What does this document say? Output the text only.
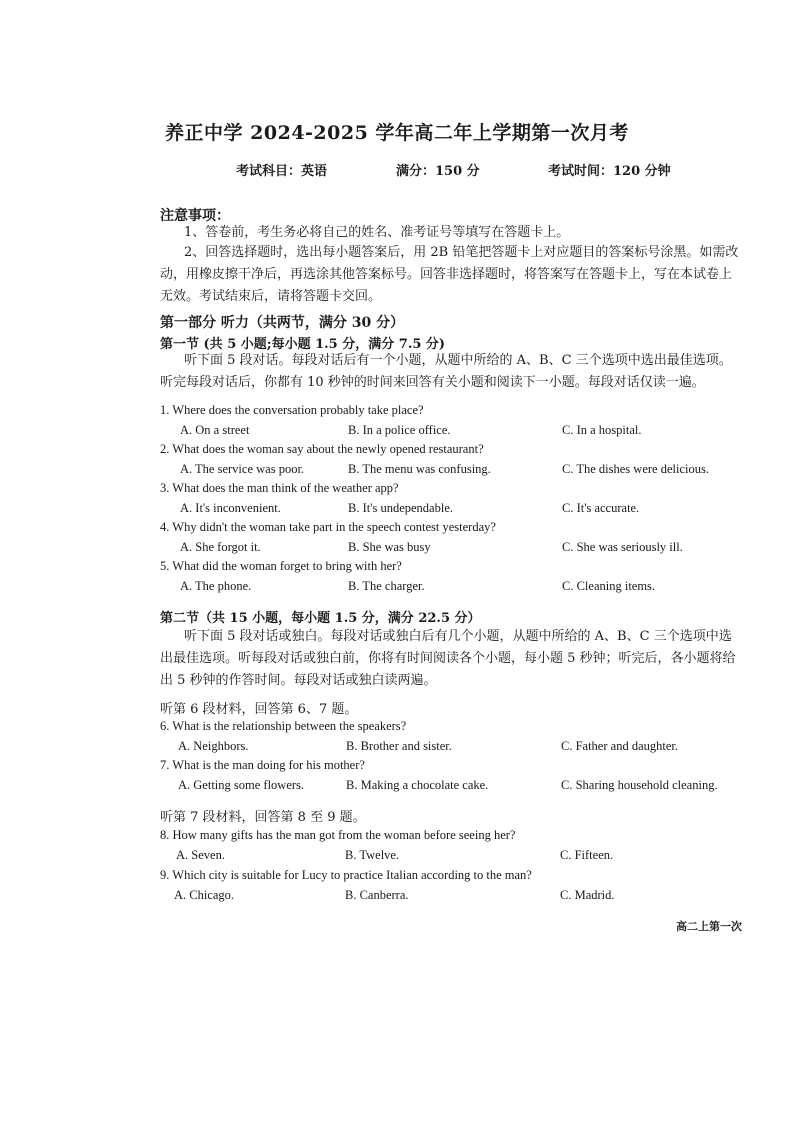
养正中学 2024-2025 学年高二年上学期第一次月考
考试科目：英语	满分：150 分	考试时间：120 分钟
注意事项：
1、答卷前，考生务必将自己的姓名、准考证号等填写在答题卡上。
2、回答选择题时，选出每小题答案后，用 2B 铅笔把答题卡上对应题目的答案标号涂黑。如需改动，用橡皮擦干净后，再选涂其他答案标号。回答非选择题时，将答案写在答题卡上，写在本试卷上无效。考试结束后，请将答题卡交回。
第一部分 听力（共两节，满分 30 分）
第一节 (共 5 小题;每小题 1.5 分，满分 7.5 分)
听下面 5 段对话。每段对话后有一个小题，从题中所给的 A、B、C 三个选项中选出最佳选项。听完每段对话后，你都有 10 秒钟的时间来回答有关小题和阅读下一小题。每段对话仅读一遍。
1. Where does the conversation probably take place?
A. On a street	B. In a police office.	C. In a hospital.
2. What does the woman say about the newly opened restaurant?
A. The service was poor.	B. The menu was confusing.	C. The dishes were delicious.
3. What does the man think of the weather app?
A. It's inconvenient.	B. It's undependable.	C. It's accurate.
4. Why didn't the woman take part in the speech contest yesterday?
A. She forgot it.	B. She was busy	C. She was seriously ill.
5. What did the woman forget to bring with her?
A. The phone.	B. The charger.	C. Cleaning items.
第二节（共 15 小题，每小题 1.5 分，满分 22.5 分）
听下面 5 段对话或独白。每段对话或独白后有几个小题，从题中所给的 A、B、C 三个选项中选出最佳选项。听每段对话或独白前，你将有时间阅读各个小题，每小题 5 秒钟；听完后，各小题将给出 5 秒钟的作答时间。每段对话或独白读两遍。
听第 6 段材料，回答第 6、7 题。
6. What is the relationship between the speakers?
A. Neighbors.	B. Brother and sister.	C. Father and daughter.
7. What is the man doing for his mother?
A. Getting some flowers.	B. Making a chocolate cake.	C. Sharing household cleaning.
听第 7 段材料，回答第 8 至 9 题。
8. How many gifts has the man got from the woman before seeing her?
A. Seven.	B. Twelve.	C. Fifteen.
9. Which city is suitable for Lucy to practice Italian according to the man?
A. Chicago.	B. Canberra.	C. Madrid.
高二上第一次
